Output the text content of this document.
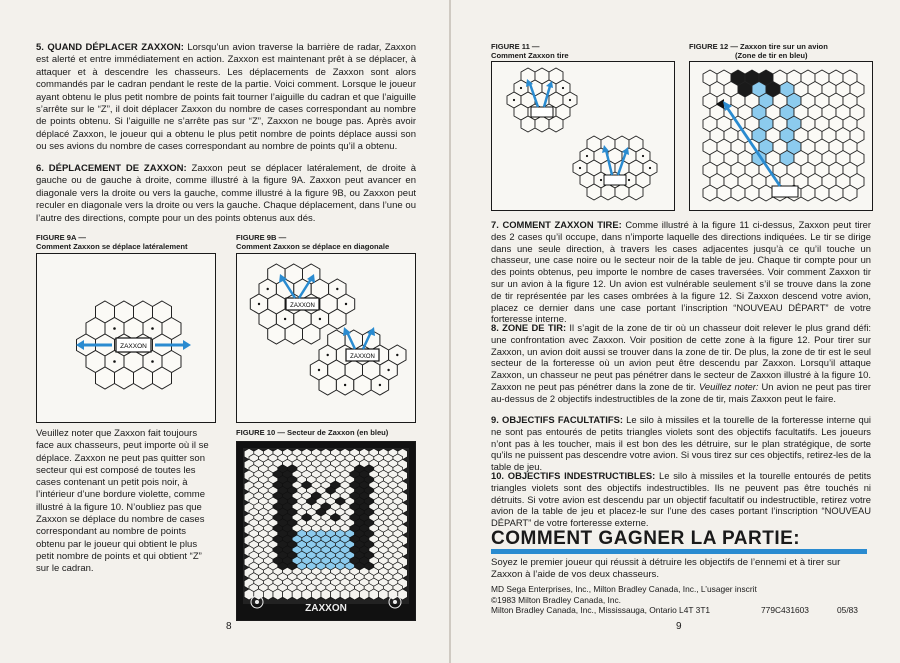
5. QUAND DÉPLACER ZAXXON: Lorsqu’un avion traverse la barrière de radar, Zaxxon est alerté et entre immédiatement en action. Zaxxon est maintenant prêt à se déplacer, à attaquer et à descendre les chasseurs. Les déplacements de Zaxxon sont alors commandés par le cadran pendant le reste de la partie. Voici comment. Lorsque le joueur ayant obtenu le plus petit nombre de points fait tourner l’aiguille du cadran et que l’aiguille s’arrête sur le “Z”, il doit déplacer Zaxxon du nombre de cases correspondant au nombre de points obtenu. Si l’aiguille ne s’arrête pas sur “Z”, Zaxxon ne bouge pas. Après avoir déplacé Zaxxon, le joueur qui a obtenu le plus petit nombre de points déplace aussi son ou ses avions du nombre de cases correspondant au nombre de points qu’il a obtenu.
6. DÉPLACEMENT DE ZAXXON: Zaxxon peut se déplacer latéralement, de droite à gauche ou de gauche à droite, comme illustré à la figure 9A. Zaxxon peut avancer en diagonale vers la droite ou vers la gauche, comme illustré à la figure 9B, ou Zaxxon peut reculer en diagonale vers la droite ou vers la gauche. Chaque déplacement, dans l’une ou l’autre des directions, compte pour un des points obtenus aux dés.
FIGURE 9A —
Comment Zaxxon se déplace latéralement
ZAXXON
FIGURE 9B —
Comment Zaxxon se déplace en diagonale
ZAXXON
ZAXXON
Veuillez noter que Zaxxon fait toujours face aux chasseurs, peut importe où il se déplace. Zaxxon ne peut pas quitter son secteur qui est composé de toutes les cases contenant un petit pois noir, à l’intérieur d’une bordure violette, comme illustré à la figure 10. N’oubliez pas que Zaxxon se déplace du nombre de cases correspondant au nombre de points obtenu par le joueur qui obtient le plus petit nombre de points et qui obtient “Z” sur le cadran.
FIGURE 10 — Secteur de Zaxxon (en bleu)
ZAXXON
8
FIGURE 11 —
Comment Zaxxon tire
FIGURE 12 — Zaxxon tire sur un avion
(Zone de tir en bleu)
7. COMMENT ZAXXON TIRE: Comme illustré à la figure 11 ci-dessus, Zaxxon peut tirer des 2 cases qu’il occupe, dans n’importe laquelle des directions indiquées. Le tir se dirige dans une seule direction, à travers les cases adjacentes jusqu’à ce qu’il touche un chasseur, une case noire ou le secteur noir de la table de jeu. Chaque tir compte pour un des points obtenus, peu importe le nombre de cases traversées. Voir comment Zaxxon tir sur un avion à la figure 12. Un avion est vulnérable seulement s’il se trouve dans la zone de tir représentée par les cases ombrées à la figure 12. Si Zaxxon descend votre avion, placez ce dernier dans une case portant l’inscription “NOUVEAU DÉPART” de votre forteresse interne.
8. ZONE DE TIR: Il s’agit de la zone de tir où un chasseur doit relever le plus grand défi: une confrontation avec Zaxxon. Voir position de cette zone à la figure 12. Pour tirer sur Zaxxon, un avion doit aussi se trouver dans la zone de tir. De plus, la zone de tir est le seul secteur de la forteresse où un avion peut être descendu par Zaxxon. Lorsqu’il attaque Zaxxon, un chasseur ne peut pas pénétrer dans le secteur de Zaxxon illustré à la figure 10. Zaxxon ne peut pas pénétrer dans la zone de tir. Veuillez noter: Un avion ne peut pas tirer au-dessus de 2 objectifs indestructibles de la zone de tir, mais Zaxxon peut le faire.
9. OBJECTIFS FACULTATIFS: Le silo à missiles et la tourelle de la forteresse interne qui ne sont pas entourés de petits triangles violets sont des objectifs facultatifs. Les joueurs n’ont pas à les toucher, mais il est bon des les détruire, sur le plan stratégique, de sorte qu’ils ne puissent pas descendre votre avion. Si vous tirez sur ces objectifs, retirez-les de la table de jeu.
10. OBJECTIFS INDESTRUCTIBLES: Le silo à missiles et la tourelle entourés de petits triangles violets sont des objectifs indestructibles. Ils ne peuvent pas être touchés ni détruits. Si votre avion est descendu par un objectif facultatif ou indestructible, retirez votre avion de la table de jeu et placez-le sur l’une des cases portant l’inscription “NOUVEAU DÉPART” de votre forteresse externe.
COMMENT GAGNER LA PARTIE:
Soyez le premier joueur qui réussit à détruire les objectifs de l’ennemi et à tirer sur Zaxxon à l’aide de vos deux chasseurs.
MD Sega Enterprises, Inc., Milton Bradley Canada, Inc., L’usager inscrit
©1983 Milton Bradley Canada, Inc.
Milton Bradley Canada, Inc., Mississauga, Ontario L4T 3T1	779C431603	05/83
9
